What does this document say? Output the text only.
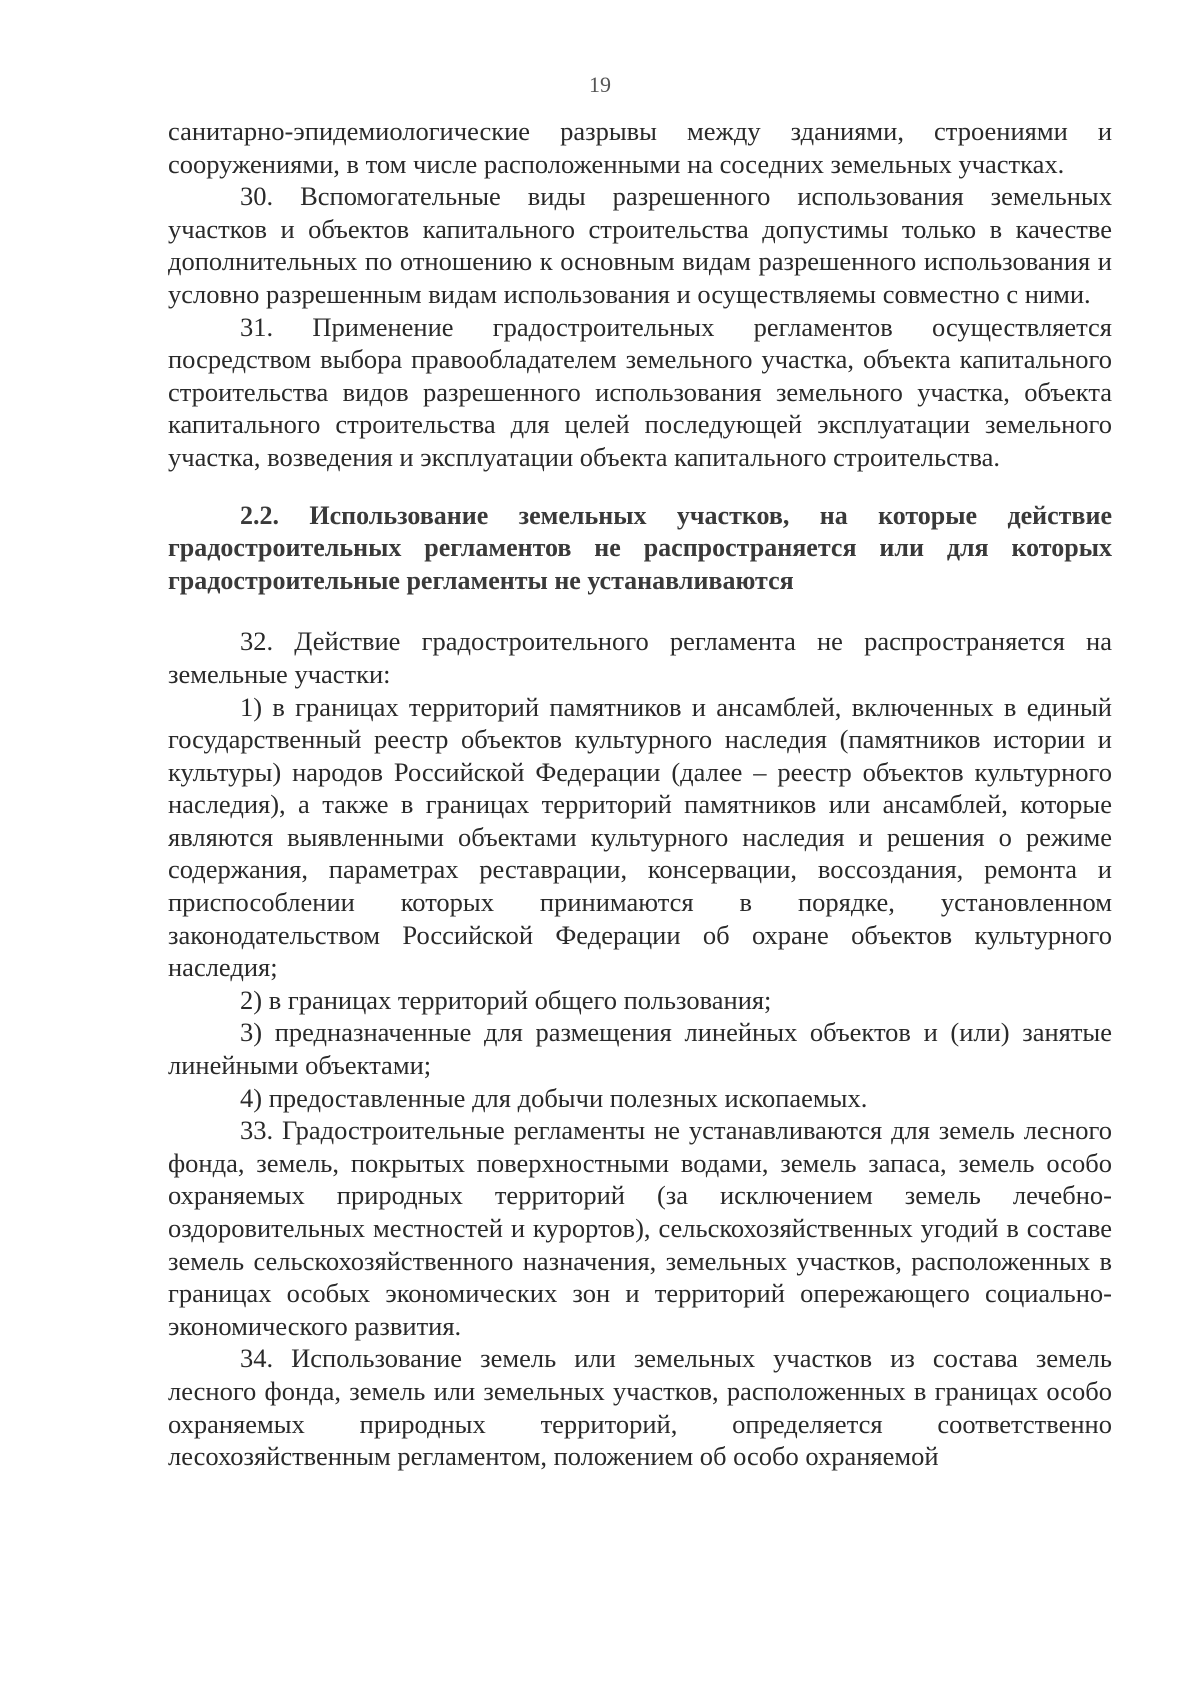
19

санитарно-эпидемиологические разрывы между зданиями, строениями и сооружениями, в том числе расположенными на соседних земельных участках.

30. Вспомогательные виды разрешенного использования земельных участков и объектов капитального строительства допустимы только в качестве дополнительных по отношению к основным видам разрешенного использования и условно разрешенным видам использования и осуществляемы совместно с ними.

31. Применение градостроительных регламентов осуществляется посредством выбора правообладателем земельного участка, объекта капитального строительства видов разрешенного использования земельного участка, объекта капитального строительства для целей последующей эксплуатации земельного участка, возведения и эксплуатации объекта капитального строительства.

2.2. Использование земельных участков, на которые действие градостроительных регламентов не распространяется или для которых градостроительные регламенты не устанавливаются

32. Действие градостроительного регламента не распространяется на земельные участки:

1) в границах территорий памятников и ансамблей, включенных в единый государственный реестр объектов культурного наследия (памятников истории и культуры) народов Российской Федерации (далее – реестр объектов культурного наследия), а также в границах территорий памятников или ансамблей, которые являются выявленными объектами культурного наследия и решения о режиме содержания, параметрах реставрации, консервации, воссоздания, ремонта и приспособлении которых принимаются в порядке, установленном законодательством Российской Федерации об охране объектов культурного наследия;

2) в границах территорий общего пользования;

3) предназначенные для размещения линейных объектов и (или) занятые линейными объектами;

4) предоставленные для добычи полезных ископаемых.

33. Градостроительные регламенты не устанавливаются для земель лесного фонда, земель, покрытых поверхностными водами, земель запаса, земель особо охраняемых природных территорий (за исключением земель лечебно-оздоровительных местностей и курортов), сельскохозяйственных угодий в составе земель сельскохозяйственного назначения, земельных участков, расположенных в границах особых экономических зон и территорий опережающего социально-экономического развития.

34. Использование земель или земельных участков из состава земель лесного фонда, земель или земельных участков, расположенных в границах особо охраняемых природных территорий, определяется соответственно лесохозяйственным регламентом, положением об особо охраняемой
